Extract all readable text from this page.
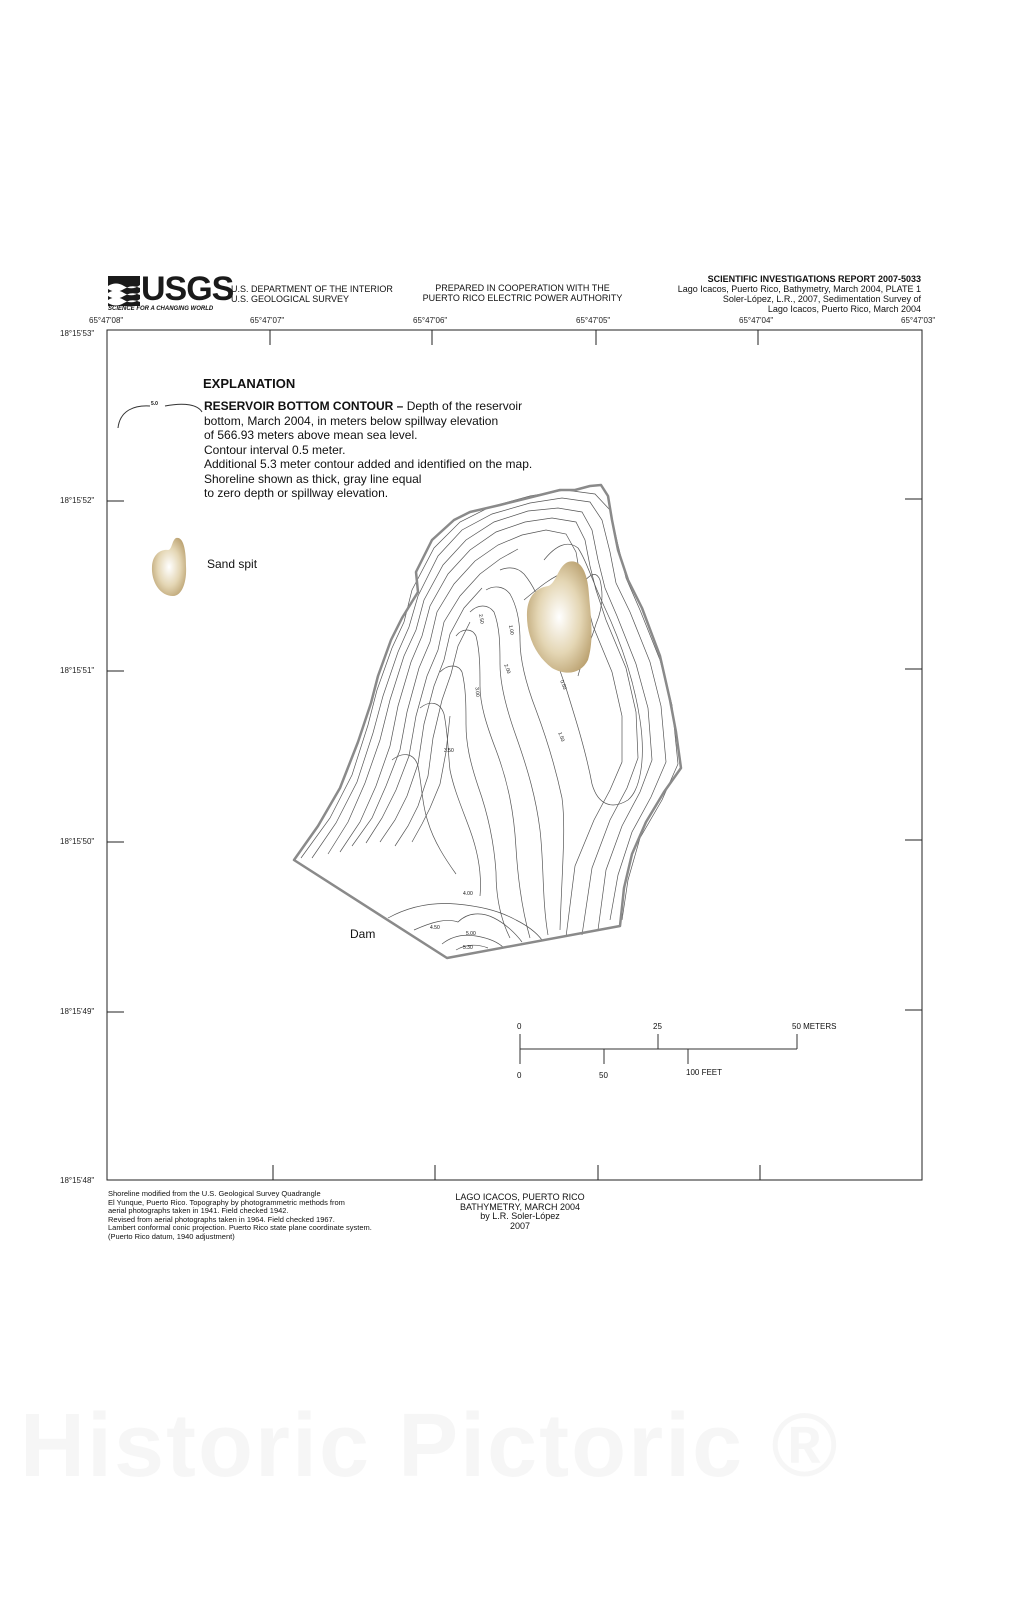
USGS
SCIENCE FOR A CHANGING WORLD
U.S. DEPARTMENT OF THE INTERIOR
U.S. GEOLOGICAL SURVEY
PREPARED IN COOPERATION WITH THE
PUERTO RICO ELECTRIC POWER AUTHORITY
SCIENTIFIC INVESTIGATIONS REPORT 2007-5033
Lago Icacos, Puerto Rico, Bathymetry, March 2004, PLATE 1
Soler-López, L.R., 2007, Sedimentation Survey of
Lago Icacos, Puerto Rico, March 2004
65°47'08"	65°47'07"	65°47'06"	65°47'05"	65°47'04"	65°47'03"
18°15'53"
18°15'52"
18°15'51"
18°15'50"
18°15'49"
18°15'48"
EXPLANATION
5.0	RESERVOIR BOTTOM CONTOUR – Depth of the reservoir
bottom, March 2004, in meters below spillway elevation
of 566.93 meters above mean sea level.
Contour interval 0.5 meter.
Additional 5.3 meter contour added and identified on the map.
Shoreline shown as thick, gray line equal
to zero depth or spillway elevation.
Sand spit
Dam
2.50
1.00
2.00
0.50
3.00
1.50
3.50
4.00
4.50
5.00
5.30
0	25	50 METERS
0	50	100 FEET
Shoreline modified from the U.S. Geological Survey Quadrangle
El Yunque, Puerto Rico. Topography by photogrammetric methods from
aerial photographs taken in 1941. Field checked 1942.
Revised from aerial photographs taken in 1964. Field checked 1967.
Lambert conformal conic projection. Puerto Rico state plane coordinate system.
(Puerto Rico datum, 1940 adjustment)
LAGO ICACOS, PUERTO RICO
BATHYMETRY, MARCH 2004
by L.R. Soler-López
2007
